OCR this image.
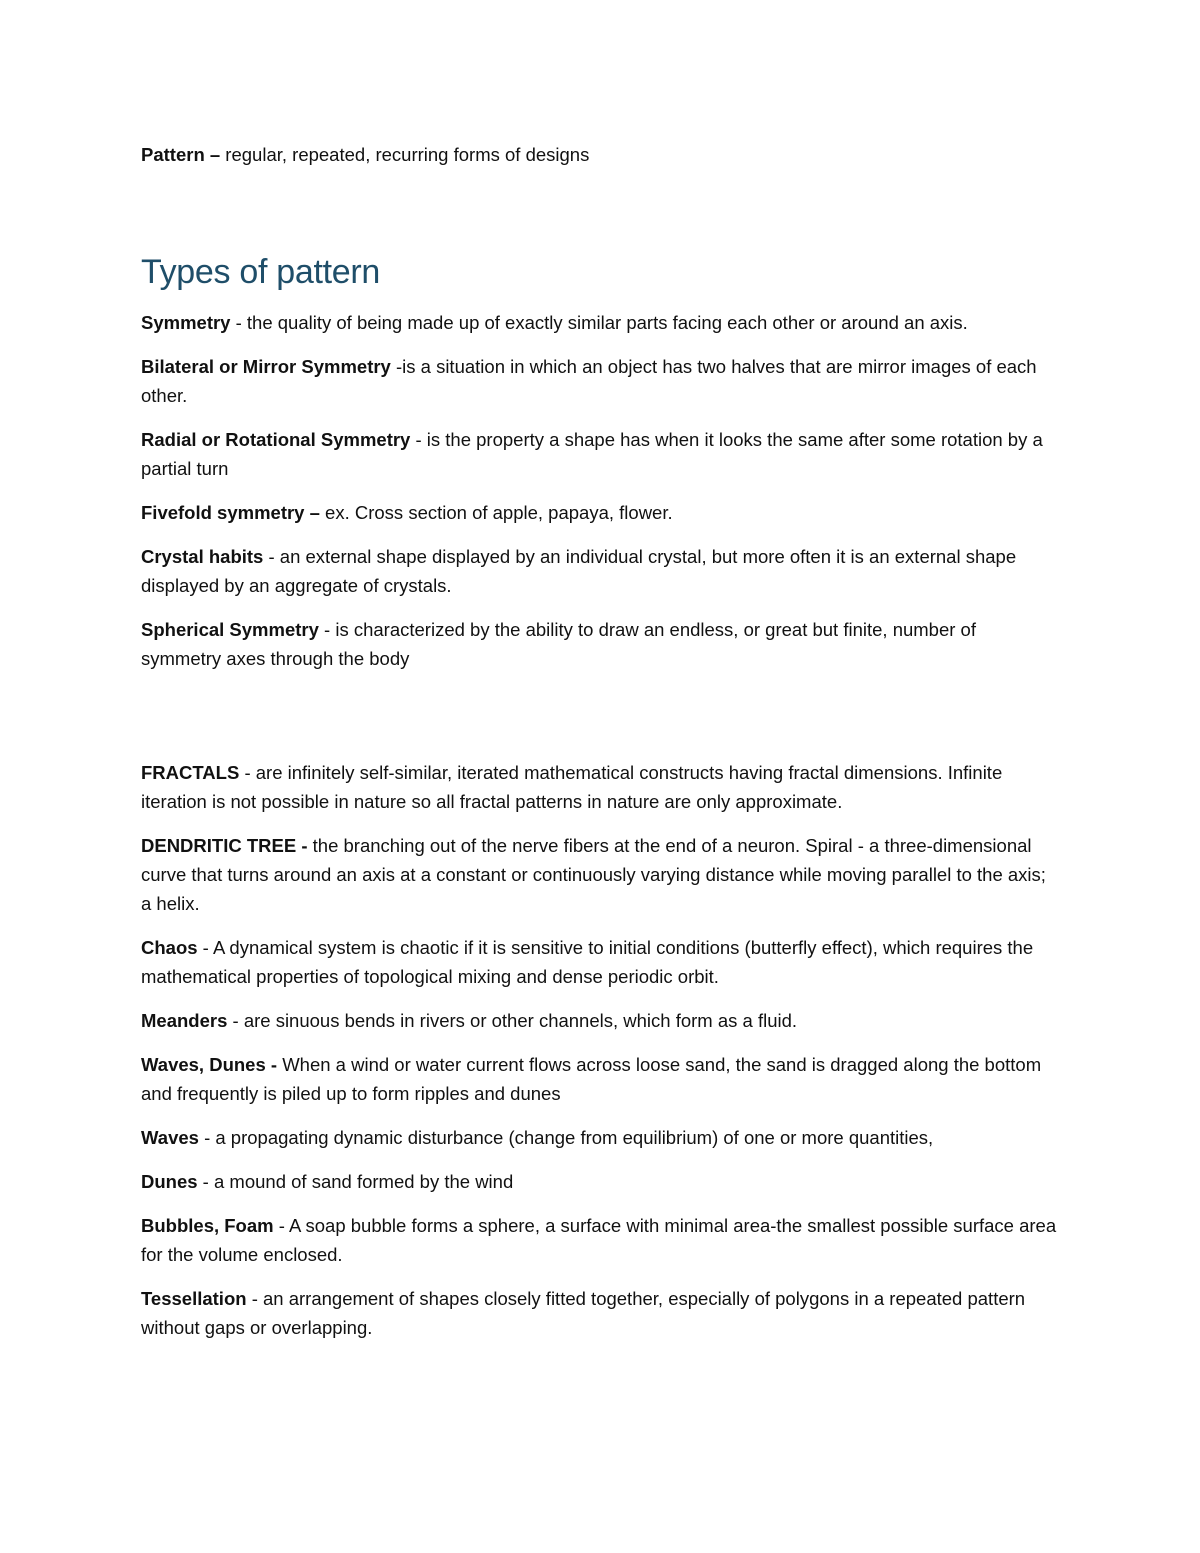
Pattern – regular, repeated, recurring forms of designs

Types of pattern

Symmetry - the quality of being made up of exactly similar parts facing each other or around an axis.

Bilateral or Mirror Symmetry -is a situation in which an object has two halves that are mirror images of each other.

Radial or Rotational Symmetry - is the property a shape has when it looks the same after some rotation by a partial turn

Fivefold symmetry – ex. Cross section of apple, papaya, flower.

Crystal habits - an external shape displayed by an individual crystal, but more often it is an external shape displayed by an aggregate of crystals.

Spherical Symmetry - is characterized by the ability to draw an endless, or great but finite, number of symmetry axes through the body

FRACTALS - are infinitely self-similar, iterated mathematical constructs having fractal dimensions. Infinite iteration is not possible in nature so all fractal patterns in nature are only approximate.

DENDRITIC TREE - the branching out of the nerve fibers at the end of a neuron. Spiral - a three-dimensional curve that turns around an axis at a constant or continuously varying distance while moving parallel to the axis; a helix.

Chaos - A dynamical system is chaotic if it is sensitive to initial conditions (butterfly effect), which requires the mathematical properties of topological mixing and dense periodic orbit.

Meanders - are sinuous bends in rivers or other channels, which form as a fluid.

Waves, Dunes - When a wind or water current flows across loose sand, the sand is dragged along the bottom and frequently is piled up to form ripples and dunes

Waves - a propagating dynamic disturbance (change from equilibrium) of one or more quantities,

Dunes - a mound of sand formed by the wind

Bubbles, Foam - A soap bubble forms a sphere, a surface with minimal area-the smallest possible surface area for the volume enclosed.

Tessellation - an arrangement of shapes closely fitted together, especially of polygons in a repeated pattern without gaps or overlapping.
